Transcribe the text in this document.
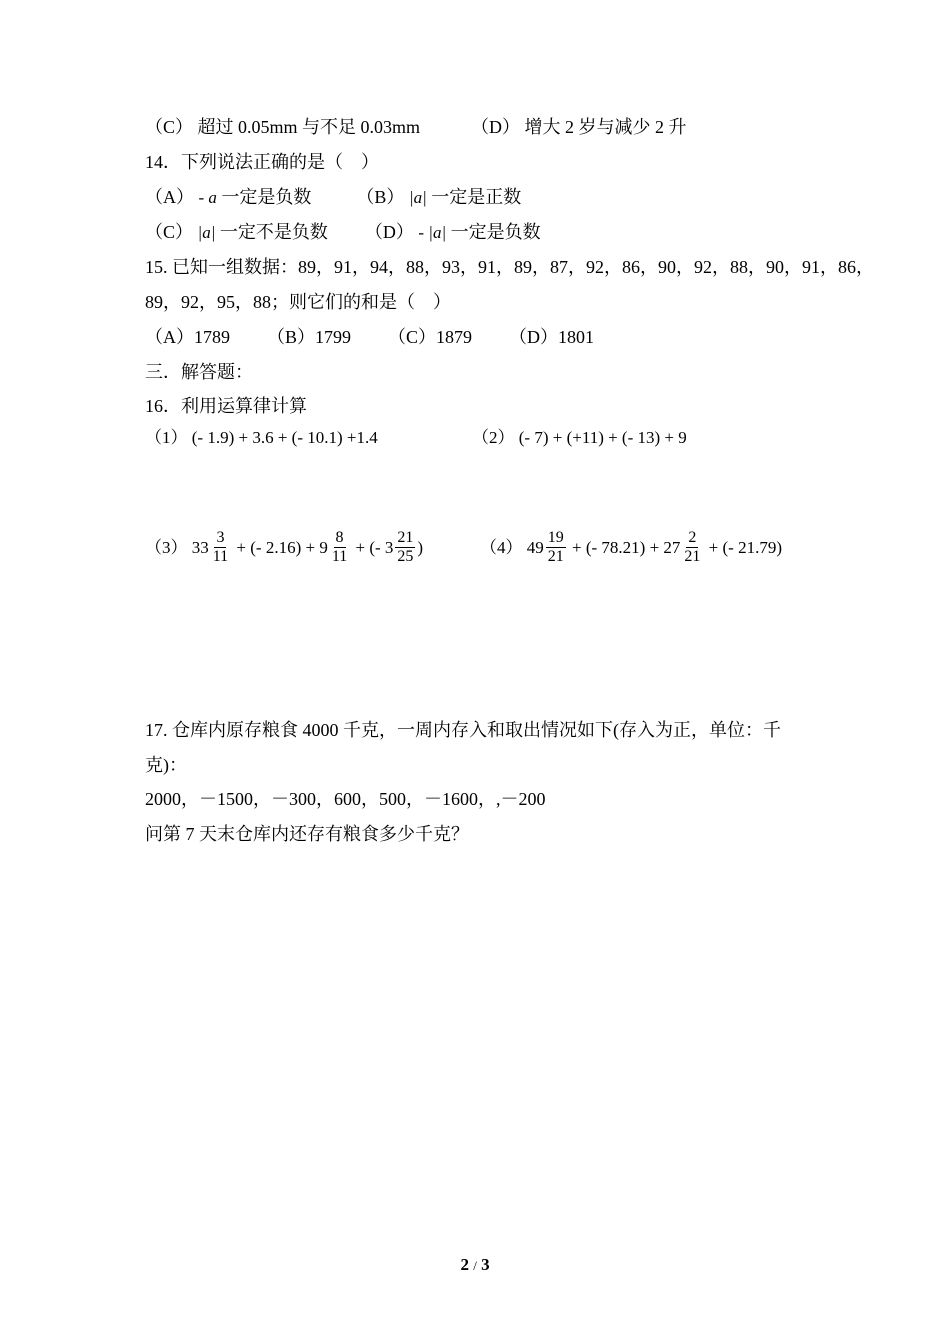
（C） 超过 0.05mm 与不足 0.03mm	（D） 增大 2 岁与减少 2 升
14．下列说法正确的是（　）
（A） - a 一定是负数	（B） |a| 一定是正数
（C） |a| 一定不是负数 （D） - |a| 一定是负数
15. 已知一组数据：89，91，94，88，93，91，89，87，92，86，90，92，88，90，91，86，
89，92，95，88；则它们的和是（　）
（A）1789 （B）1799 （C）1879 （D）1801
三．解答题：
16．利用运算律计算
（1） (- 1.9) + 3.6 + (- 10.1) +1.4	（2） (- 7) + (+11) + (- 13) + 9
（3） $33 \frac{3}{11}$ + (- $2.16) + 9 \frac{8}{11}$ + (- $3 \frac{21}{25}$ )	（4） $49 \frac{19}{21}$ + (- $78.21) + 27 \frac{2}{21}$ + (- 21.79)
17. 仓库内原存粮食 4000 千克，一周内存入和取出情况如下(存入为正，单位：千
克)：
2000，－1500，－300，600，500，－1600，,－200
问第 7 天末仓库内还存有粮食多少千克？
2 / 3
